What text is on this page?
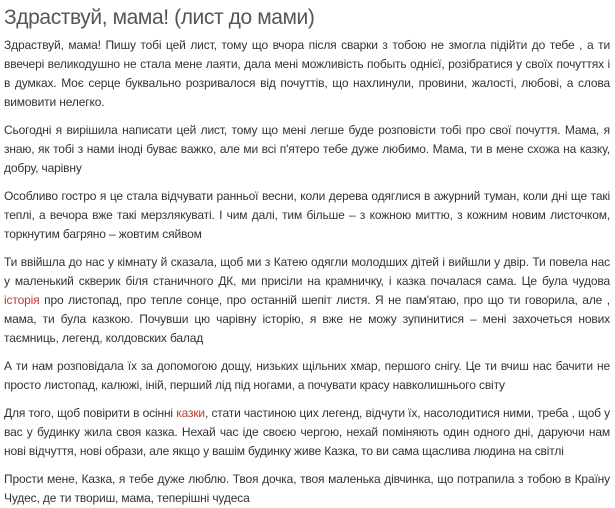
Здраствуй, мама! (лист до мами)

Здраствуй, мама! Пишу тобі цей лист, тому що вчора після сварки з тобою не змогла підійти до тебе , а ти ввечері великодушно не стала мене лаяти, дала мені можливість побыть однієї, розібратися у своїх почуттях і в думках. Моє серце буквально розривалося від почуттів, що нахлинули, провини, жалості, любові, а слова вимовити нелегко.

Сьогодні я вирішила написати цей лист, тому що мені легше буде розповісти тобі про свої почуття. Мама, я знаю, як тобі з нами іноді буває важко, але ми всі п'ятеро тебе дуже любимо. Мама, ти в мене схожа на казку, добру, чарівну

Особливо гостро я це стала відчувати ранньої весни, коли дерева одяглися в ажурний туман, коли дні ще такі теплі, а вечора вже такі мерзлякуваті. І чим далі, тим більше – з кожною миттю, з кожним новим листочком, торкнутим багряно – жовтим сяйвом

Ти ввійшла до нас у кімнату й сказала, щоб ми з Катею одягли молодших дітей і вийшли у двір. Ти повела нас у маленький скверик біля станичного ДК, ми присіли на крамничку, і казка почалася сама. Це була чудова історія про листопад, про тепле сонце, про останній шепіт листя. Я не пам'ятаю, про що ти говорила, але , мама, ти була казкою. Почувши цю чарівну історію, я вже не можу зупинитися – мені захочеться нових таємниць, легенд, колдовских балад

А ти нам розповідала їх за допомогою дощу, низьких щільних хмар, першого снігу. Це ти вчиш нас бачити не просто листопад, калюжі, іній, перший лід під ногами, а почувати красу навколишнього світу

Для того, щоб повірити в осінні казки, стати частиною цих легенд, відчути їх, насолодитися ними, треба , щоб у вас у будинку жила своя казка. Нехай час іде своєю чергою, нехай поміняють один одного дні, даруючи нам нові відчуття, нові образи, але якщо у вашім будинку живе Казка, то ви сама щаслива людина на світлі

Прости мене, Казка, я тебе дуже люблю. Твоя дочка, твоя маленька дівчинка, що потрапила з тобою в Країну Чудес, де ти твориш, мама, теперішні чудеса
